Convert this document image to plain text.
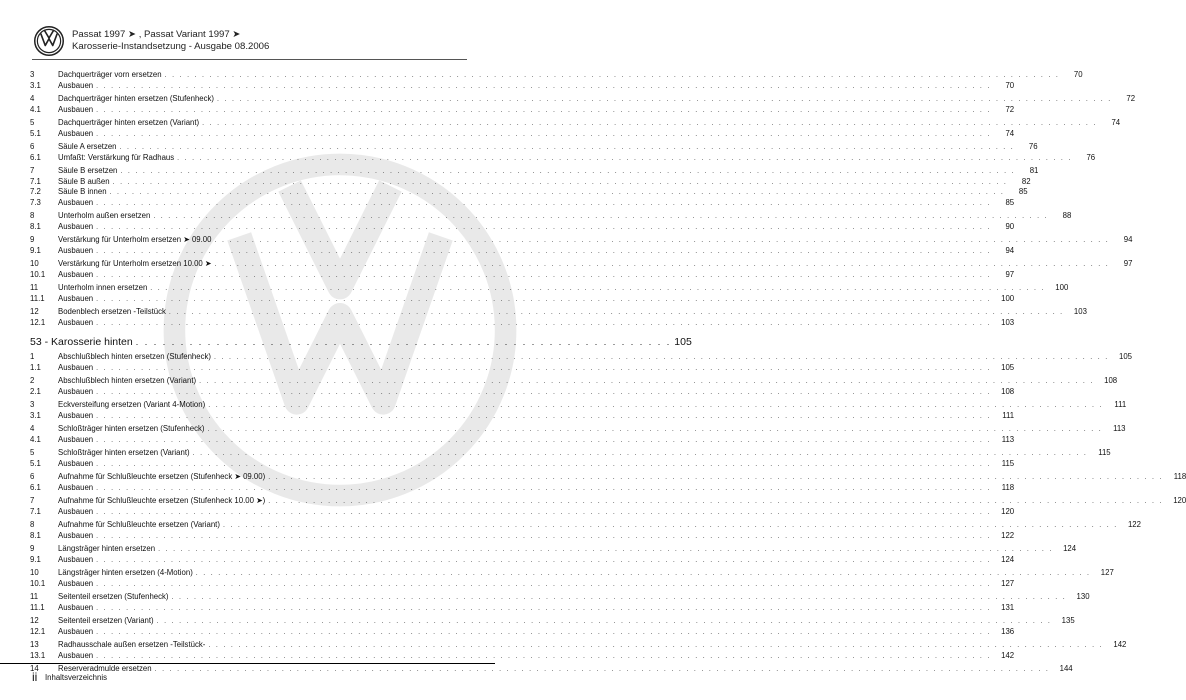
Passat 1997 ➤ , Passat Variant 1997 ➤
Karosserie-Instandsetzung - Ausgabe 08.2006
3	Dachquerträger vorn ersetzen . . . . . . . . . . . . . . . . . . . . . . . . . . . . . . . . . . . . . . . . . . . . . . . . . . . . . . . . . . . . . . . . . . . . . . . . . . . . . . . . . . . . . . . . . . . . . . . . . . . . . . . . . . . . . . . . . . . . . . . .	70
3.1	Ausbauen . . . . . . . . . . . . . . . . . . . . . . . . . . . . . . . . . . . . . . . . . . . . . . . . . . . . . . . . . . . . . . . . . . . . . . . . . . . . . . . . . . . . . . . . . . . . . . . . . . . . . . . . . . . . . . . . . . . . . . . .	70
4	Dachquerträger hinten ersetzen (Stufenheck) . . . . . . . . . . . . . . . . . . . . . . . . . . . . . . . . . . . . . . . . . . . . . . . . . . . . . . . . . . . . . . . . . . . . . . . . . . . . . . . . . . . . . . . . . . . . . . . . . . . . . . . . . . . . . . . . . . . . . . . .	72
4.1	Ausbauen . . . . . . . . . . . . . . . . . . . . . . . . . . . . . . . . . . . . . . . . . . . . . . . . . . . . . . . . . . . . . . . . . . . . . . . . . . . . . . . . . . . . . . . . . . . . . . . . . . . . . . . . . . . . . . . . . . . . . . . .	72
5	Dachquerträger hinten ersetzen (Variant) . . . . . . . . . . . . . . . . . . . . . . . . . . . . . . . . . . . . . . . . . . . . . . . . . . . . . . . . . . . . . . . . . . . . . . . . . . . . . . . . . . . . . . . . . . . . . . . . . . . . . . . . . . . . . . . . . . . . . . . .	74
5.1	Ausbauen . . . . . . . . . . . . . . . . . . . . . . . . . . . . . . . . . . . . . . . . . . . . . . . . . . . . . . . . . . . . . . . . . . . . . . . . . . . . . . . . . . . . . . . . . . . . . . . . . . . . . . . . . . . . . . . . . . . . . . . .	74
6	Säule A ersetzen . . . . . . . . . . . . . . . . . . . . . . . . . . . . . . . . . . . . . . . . . . . . . . . . . . . . . . . . . . . . . . . . . . . . . . . . . . . . . . . . . . . . . . . . . . . . . . . . . . . . . . . . . . . . . . . . . . . . . . . .	76
6.1	Umfaßt: Verstärkung für Radhaus . . . . . . . . . . . . . . . . . . . . . . . . . . . . . . . . . . . . . . . . . . . . . . . . . . . . . . . . . . . . . . . . . . . . . . . . . . . . . . . . . . . . . . . . . . . . . . . . . . . . . . . . . . . . . . . . . . . . . . . .	76
7	Säule B ersetzen . . . . . . . . . . . . . . . . . . . . . . . . . . . . . . . . . . . . . . . . . . . . . . . . . . . . . . . . . . . . . . . . . . . . . . . . . . . . . . . . . . . . . . . . . . . . . . . . . . . . . . . . . . . . . . . . . . . . . . . .	81
7.1	Säule B außen . . . . . . . . . . . . . . . . . . . . . . . . . . . . . . . . . . . . . . . . . . . . . . . . . . . . . . . . . . . . . . . . . . . . . . . . . . . . . . . . . . . . . . . . . . . . . . . . . . . . . . . . . . . . . . . . . . . . . . . .	82
7.2	Säule B innen . . . . . . . . . . . . . . . . . . . . . . . . . . . . . . . . . . . . . . . . . . . . . . . . . . . . . . . . . . . . . . . . . . . . . . . . . . . . . . . . . . . . . . . . . . . . . . . . . . . . . . . . . . . . . . . . . . . . . . . .	85
7.3	Ausbauen . . . . . . . . . . . . . . . . . . . . . . . . . . . . . . . . . . . . . . . . . . . . . . . . . . . . . . . . . . . . . . . . . . . . . . . . . . . . . . . . . . . . . . . . . . . . . . . . . . . . . . . . . . . . . . . . . . . . . . . .	85
8	Unterholm außen ersetzen . . . . . . . . . . . . . . . . . . . . . . . . . . . . . . . . . . . . . . . . . . . . . . . . . . . . . . . . . . . . . . . . . . . . . . . . . . . . . . . . . . . . . . . . . . . . . . . . . . . . . . . . . . . . . . . . . . . . . . . .	88
8.1	Ausbauen . . . . . . . . . . . . . . . . . . . . . . . . . . . . . . . . . . . . . . . . . . . . . . . . . . . . . . . . . . . . . . . . . . . . . . . . . . . . . . . . . . . . . . . . . . . . . . . . . . . . . . . . . . . . . . . . . . . . . . . .	90
9	Verstärkung für Unterholm ersetzen ➤ 09.00 . . . . . . . . . . . . . . . . . . . . . . . . . . . . . . . . . . . . . . . . . . . . . . . . . . . . . . . . . . . . . . . . . . . . . . . . . . . . . . . . . . . . . . . . . . . . . . . . . . . . . . . . . . . . . . . . . . . . . . . .	94
9.1	Ausbauen . . . . . . . . . . . . . . . . . . . . . . . . . . . . . . . . . . . . . . . . . . . . . . . . . . . . . . . . . . . . . . . . . . . . . . . . . . . . . . . . . . . . . . . . . . . . . . . . . . . . . . . . . . . . . . . . . . . . . . . .	94
10	Verstärkung für Unterholm ersetzen 10.00 ➤ . . . . . . . . . . . . . . . . . . . . . . . . . . . . . . . . . . . . . . . . . . . . . . . . . . . . . . . . . . . . . . . . . . . . . . . . . . . . . . . . . . . . . . . . . . . . . . . . . . . . . . . . . . . . . . . . . . . . . . . .	97
10.1	Ausbauen . . . . . . . . . . . . . . . . . . . . . . . . . . . . . . . . . . . . . . . . . . . . . . . . . . . . . . . . . . . . . . . . . . . . . . . . . . . . . . . . . . . . . . . . . . . . . . . . . . . . . . . . . . . . . . . . . . . . . . . .	97
11	Unterholm innen ersetzen . . . . . . . . . . . . . . . . . . . . . . . . . . . . . . . . . . . . . . . . . . . . . . . . . . . . . . . . . . . . . . . . . . . . . . . . . . . . . . . . . . . . . . . . . . . . . . . . . . . . . . . . . . . . . . . . . . . . . . . .	100
11.1	Ausbauen . . . . . . . . . . . . . . . . . . . . . . . . . . . . . . . . . . . . . . . . . . . . . . . . . . . . . . . . . . . . . . . . . . . . . . . . . . . . . . . . . . . . . . . . . . . . . . . . . . . . . . . . . . . . . . . . . . . . . . . .	100
12	Bodenblech ersetzen -Teilstück . . . . . . . . . . . . . . . . . . . . . . . . . . . . . . . . . . . . . . . . . . . . . . . . . . . . . . . . . . . . . . . . . . . . . . . . . . . . . . . . . . . . . . . . . . . . . . . . . . . . . . . . . . . . . . . . . . . . . . . .	103
12.1	Ausbauen . . . . . . . . . . . . . . . . . . . . . . . . . . . . . . . . . . . . . . . . . . . . . . . . . . . . . . . . . . . . . . . . . . . . . . . . . . . . . . . . . . . . . . . . . . . . . . . . . . . . . . . . . . . . . . . . . . . . . . . .	103
53 - Karosserie hinten . . . . . . . . . . . . . . . . . . . . . . . . . . . . . . . . . . . . . . . . . . . . . . . . . . . . . . . . . . . . 105
1	Abschlußblech hinten ersetzen (Stufenheck) . . . . . . . . . . . . . . . . . . . . . . . . . . . . . . . . . . . . . . . . . . . . . . . . . . . . . . . . . . . . . . . . . . . . . . . . . . . . . . . . . . . . . . . . . . . . . . . . . . . . . . . . . . . . . . . . . . . . . . . .	105
1.1	Ausbauen . . . . . . . . . . . . . . . . . . . . . . . . . . . . . . . . . . . . . . . . . . . . . . . . . . . . . . . . . . . . . . . . . . . . . . . . . . . . . . . . . . . . . . . . . . . . . . . . . . . . . . . . . . . . . . . . . . . . . . . .	105
2	Abschlußblech hinten ersetzen (Variant) . . . . . . . . . . . . . . . . . . . . . . . . . . . . . . . . . . . . . . . . . . . . . . . . . . . . . . . . . . . . . . . . . . . . . . . . . . . . . . . . . . . . . . . . . . . . . . . . . . . . . . . . . . . . . . . . . . . . . . . .	108
2.1	Ausbauen . . . . . . . . . . . . . . . . . . . . . . . . . . . . . . . . . . . . . . . . . . . . . . . . . . . . . . . . . . . . . . . . . . . . . . . . . . . . . . . . . . . . . . . . . . . . . . . . . . . . . . . . . . . . . . . . . . . . . . . .	108
3	Eckversteifung ersetzen (Variant 4-Motion) . . . . . . . . . . . . . . . . . . . . . . . . . . . . . . . . . . . . . . . . . . . . . . . . . . . . . . . . . . . . . . . . . . . . . . . . . . . . . . . . . . . . . . . . . . . . . . . . . . . . . . . . . . . . . . . . . . . . . . . .	111
3.1	Ausbauen . . . . . . . . . . . . . . . . . . . . . . . . . . . . . . . . . . . . . . . . . . . . . . . . . . . . . . . . . . . . . . . . . . . . . . . . . . . . . . . . . . . . . . . . . . . . . . . . . . . . . . . . . . . . . . . . . . . . . . . .	111
4	Schloßträger hinten ersetzen (Stufenheck) . . . . . . . . . . . . . . . . . . . . . . . . . . . . . . . . . . . . . . . . . . . . . . . . . . . . . . . . . . . . . . . . . . . . . . . . . . . . . . . . . . . . . . . . . . . . . . . . . . . . . . . . . . . . . . . . . . . . . . . .	113
4.1	Ausbauen . . . . . . . . . . . . . . . . . . . . . . . . . . . . . . . . . . . . . . . . . . . . . . . . . . . . . . . . . . . . . . . . . . . . . . . . . . . . . . . . . . . . . . . . . . . . . . . . . . . . . . . . . . . . . . . . . . . . . . . .	113
5	Schloßträger hinten ersetzen (Variant) . . . . . . . . . . . . . . . . . . . . . . . . . . . . . . . . . . . . . . . . . . . . . . . . . . . . . . . . . . . . . . . . . . . . . . . . . . . . . . . . . . . . . . . . . . . . . . . . . . . . . . . . . . . . . . . . . . . . . . . .	115
5.1	Ausbauen . . . . . . . . . . . . . . . . . . . . . . . . . . . . . . . . . . . . . . . . . . . . . . . . . . . . . . . . . . . . . . . . . . . . . . . . . . . . . . . . . . . . . . . . . . . . . . . . . . . . . . . . . . . . . . . . . . . . . . . .	115
6	Aufnahme für Schlußleuchte ersetzen (Stufenheck ➤ 09.00) . . . . . . . . . . . . . . . . . . . . . . . . . . . . . . . . . . . . . . . . . . . . . . . . . . . . . . . . . . . . . . . . . . . . . . . . . . . . . . . . . . . . . . . . . . . . . . . . . . . . . . . . . . . . . . . . . . . . . . . .	118
6.1	Ausbauen . . . . . . . . . . . . . . . . . . . . . . . . . . . . . . . . . . . . . . . . . . . . . . . . . . . . . . . . . . . . . . . . . . . . . . . . . . . . . . . . . . . . . . . . . . . . . . . . . . . . . . . . . . . . . . . . . . . . . . . .	118
7	Aufnahme für Schlußleuchte ersetzen (Stufenheck 10.00 ➤) . . . . . . . . . . . . . . . . . . . . . . . . . . . . . . . . . . . . . . . . . . . . . . . . . . . . . . . . . . . . . . . . . . . . . . . . . . . . . . . . . . . . . . . . . . . . . . . . . . . . . . . . . . . . . . . . . . . . . . . .	120
7.1	Ausbauen . . . . . . . . . . . . . . . . . . . . . . . . . . . . . . . . . . . . . . . . . . . . . . . . . . . . . . . . . . . . . . . . . . . . . . . . . . . . . . . . . . . . . . . . . . . . . . . . . . . . . . . . . . . . . . . . . . . . . . . .	120
8	Aufnahme für Schlußleuchte ersetzen (Variant) . . . . . . . . . . . . . . . . . . . . . . . . . . . . . . . . . . . . . . . . . . . . . . . . . . . . . . . . . . . . . . . . . . . . . . . . . . . . . . . . . . . . . . . . . . . . . . . . . . . . . . . . . . . . . . . . . . . . . . . .	122
8.1	Ausbauen . . . . . . . . . . . . . . . . . . . . . . . . . . . . . . . . . . . . . . . . . . . . . . . . . . . . . . . . . . . . . . . . . . . . . . . . . . . . . . . . . . . . . . . . . . . . . . . . . . . . . . . . . . . . . . . . . . . . . . . .	122
9	Längsträger hinten ersetzen . . . . . . . . . . . . . . . . . . . . . . . . . . . . . . . . . . . . . . . . . . . . . . . . . . . . . . . . . . . . . . . . . . . . . . . . . . . . . . . . . . . . . . . . . . . . . . . . . . . . . . . . . . . . . . . . . . . . . . . .	124
9.1	Ausbauen . . . . . . . . . . . . . . . . . . . . . . . . . . . . . . . . . . . . . . . . . . . . . . . . . . . . . . . . . . . . . . . . . . . . . . . . . . . . . . . . . . . . . . . . . . . . . . . . . . . . . . . . . . . . . . . . . . . . . . . .	124
10	Längsträger hinten ersetzen (4-Motion) . . . . . . . . . . . . . . . . . . . . . . . . . . . . . . . . . . . . . . . . . . . . . . . . . . . . . . . . . . . . . . . . . . . . . . . . . . . . . . . . . . . . . . . . . . . . . . . . . . . . . . . . . . . . . . . . . . . . . . . .	127
10.1	Ausbauen . . . . . . . . . . . . . . . . . . . . . . . . . . . . . . . . . . . . . . . . . . . . . . . . . . . . . . . . . . . . . . . . . . . . . . . . . . . . . . . . . . . . . . . . . . . . . . . . . . . . . . . . . . . . . . . . . . . . . . . .	127
11	Seitenteil ersetzen (Stufenheck) . . . . . . . . . . . . . . . . . . . . . . . . . . . . . . . . . . . . . . . . . . . . . . . . . . . . . . . . . . . . . . . . . . . . . . . . . . . . . . . . . . . . . . . . . . . . . . . . . . . . . . . . . . . . . . . . . . . . . . . .	130
11.1	Ausbauen . . . . . . . . . . . . . . . . . . . . . . . . . . . . . . . . . . . . . . . . . . . . . . . . . . . . . . . . . . . . . . . . . . . . . . . . . . . . . . . . . . . . . . . . . . . . . . . . . . . . . . . . . . . . . . . . . . . . . . . .	131
12	Seitenteil ersetzen (Variant) . . . . . . . . . . . . . . . . . . . . . . . . . . . . . . . . . . . . . . . . . . . . . . . . . . . . . . . . . . . . . . . . . . . . . . . . . . . . . . . . . . . . . . . . . . . . . . . . . . . . . . . . . . . . . . . . . . . . . . . .	135
12.1	Ausbauen . . . . . . . . . . . . . . . . . . . . . . . . . . . . . . . . . . . . . . . . . . . . . . . . . . . . . . . . . . . . . . . . . . . . . . . . . . . . . . . . . . . . . . . . . . . . . . . . . . . . . . . . . . . . . . . . . . . . . . . .	136
13	Radhausschale außen ersetzen -Teilstück- . . . . . . . . . . . . . . . . . . . . . . . . . . . . . . . . . . . . . . . . . . . . . . . . . . . . . . . . . . . . . . . . . . . . . . . . . . . . . . . . . . . . . . . . . . . . . . . . . . . . . . . . . . . . . . . . . . . . . . . .	142
13.1	Ausbauen . . . . . . . . . . . . . . . . . . . . . . . . . . . . . . . . . . . . . . . . . . . . . . . . . . . . . . . . . . . . . . . . . . . . . . . . . . . . . . . . . . . . . . . . . . . . . . . . . . . . . . . . . . . . . . . . . . . . . . . .	142
14	Reserveradmulde ersetzen . . . . . . . . . . . . . . . . . . . . . . . . . . . . . . . . . . . . . . . . . . . . . . . . . . . . . . . . . . . . . . . . . . . . . . . . . . . . . . . . . . . . . . . . . . . . . . . . . . . . . . . . . . . . . . . . . . . . . . . .	144
ii Inhaltsverzeichnis
